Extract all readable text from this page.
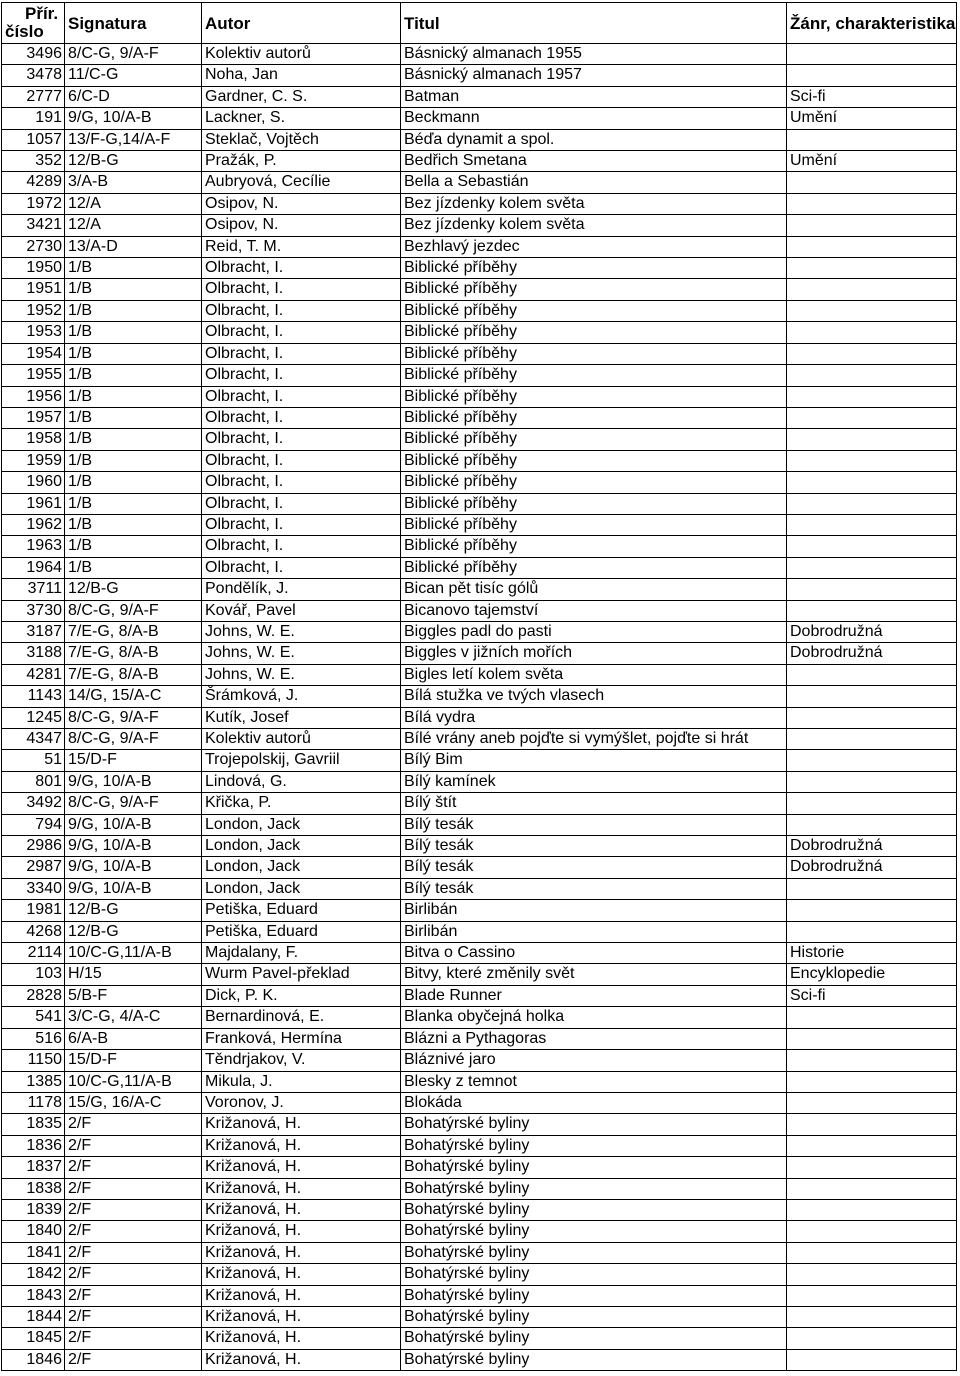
Přír.
číslo	Signatura	Autor	Titul	Žánr, charakteristika
3496	8/C-G, 9/A-F	Kolektiv autorů	Básnický almanach 1955	
3478	11/C-G	Noha, Jan	Básnický almanach 1957	
2777	6/C-D	Gardner, C. S.	Batman	Sci-fi
191	9/G, 10/A-B	Lackner, S.	Beckmann	Umění
1057	13/F-G,14/A-F	Steklač, Vojtěch	Béďa dynamit a spol.	
352	12/B-G	Pražák, P.	Bedřich Smetana	Umění
4289	3/A-B	Aubryová, Cecílie	Bella a Sebastián	
1972	12/A	Osipov, N.	Bez jízdenky kolem světa	
3421	12/A	Osipov, N.	Bez jízdenky kolem světa	
2730	13/A-D	Reid, T. M.	Bezhlavý jezdec	
1950	1/B	Olbracht, I.	Biblické příběhy	
1951	1/B	Olbracht, I.	Biblické příběhy	
1952	1/B	Olbracht, I.	Biblické příběhy	
1953	1/B	Olbracht, I.	Biblické příběhy	
1954	1/B	Olbracht, I.	Biblické příběhy	
1955	1/B	Olbracht, I.	Biblické příběhy	
1956	1/B	Olbracht, I.	Biblické příběhy	
1957	1/B	Olbracht, I.	Biblické příběhy	
1958	1/B	Olbracht, I.	Biblické příběhy	
1959	1/B	Olbracht, I.	Biblické příběhy	
1960	1/B	Olbracht, I.	Biblické příběhy	
1961	1/B	Olbracht, I.	Biblické příběhy	
1962	1/B	Olbracht, I.	Biblické příběhy	
1963	1/B	Olbracht, I.	Biblické příběhy	
1964	1/B	Olbracht, I.	Biblické příběhy	
3711	12/B-G	Pondělík, J.	Bican pět tisíc gólů	
3730	8/C-G, 9/A-F	Kovář, Pavel	Bicanovo tajemství	
3187	7/E-G, 8/A-B	Johns, W. E.	Biggles padl do pasti	Dobrodružná
3188	7/E-G, 8/A-B	Johns, W. E.	Biggles v jižních mořích	Dobrodružná
4281	7/E-G, 8/A-B	Johns, W. E.	Bigles letí kolem světa	
1143	14/G, 15/A-C	Šrámková, J.	Bílá stužka ve tvých vlasech	
1245	8/C-G, 9/A-F	Kutík, Josef	Bílá vydra	
4347	8/C-G, 9/A-F	Kolektiv autorů	Bílé vrány aneb pojďte si vymýšlet, pojďte si hrát	
51	15/D-F	Trojepolskij, Gavriil	Bílý Bim	
801	9/G, 10/A-B	Lindová, G.	Bílý kamínek	
3492	8/C-G, 9/A-F	Křička, P.	Bílý štít	
794	9/G, 10/A-B	London, Jack	Bílý tesák	
2986	9/G, 10/A-B	London, Jack	Bílý tesák	Dobrodružná
2987	9/G, 10/A-B	London, Jack	Bílý tesák	Dobrodružná
3340	9/G, 10/A-B	London, Jack	Bílý tesák	
1981	12/B-G	Petiška, Eduard	Birlibán	
4268	12/B-G	Petiška, Eduard	Birlibán	
2114	10/C-G,11/A-B	Majdalany, F.	Bitva o Cassino	Historie
103	H/15	Wurm Pavel-překlad	Bitvy, které změnily svět	Encyklopedie
2828	5/B-F	Dick, P. K.	Blade Runner	Sci-fi
541	3/C-G, 4/A-C	Bernardinová, E.	Blanka obyčejná holka	
516	6/A-B	Franková, Hermína	Blázni a Pythagoras	
1150	15/D-F	Těndrjakov, V.	Bláznivé jaro	
1385	10/C-G,11/A-B	Mikula, J.	Blesky z temnot	
1178	15/G, 16/A-C	Voronov, J.	Blokáda	
1835	2/F	Križanová, H.	Bohatýrské byliny	
1836	2/F	Križanová, H.	Bohatýrské byliny	
1837	2/F	Križanová, H.	Bohatýrské byliny	
1838	2/F	Križanová, H.	Bohatýrské byliny	
1839	2/F	Križanová, H.	Bohatýrské byliny	
1840	2/F	Križanová, H.	Bohatýrské byliny	
1841	2/F	Križanová, H.	Bohatýrské byliny	
1842	2/F	Križanová, H.	Bohatýrské byliny	
1843	2/F	Križanová, H.	Bohatýrské byliny	
1844	2/F	Križanová, H.	Bohatýrské byliny	
1845	2/F	Križanová, H.	Bohatýrské byliny	
1846	2/F	Križanová, H.	Bohatýrské byliny	
